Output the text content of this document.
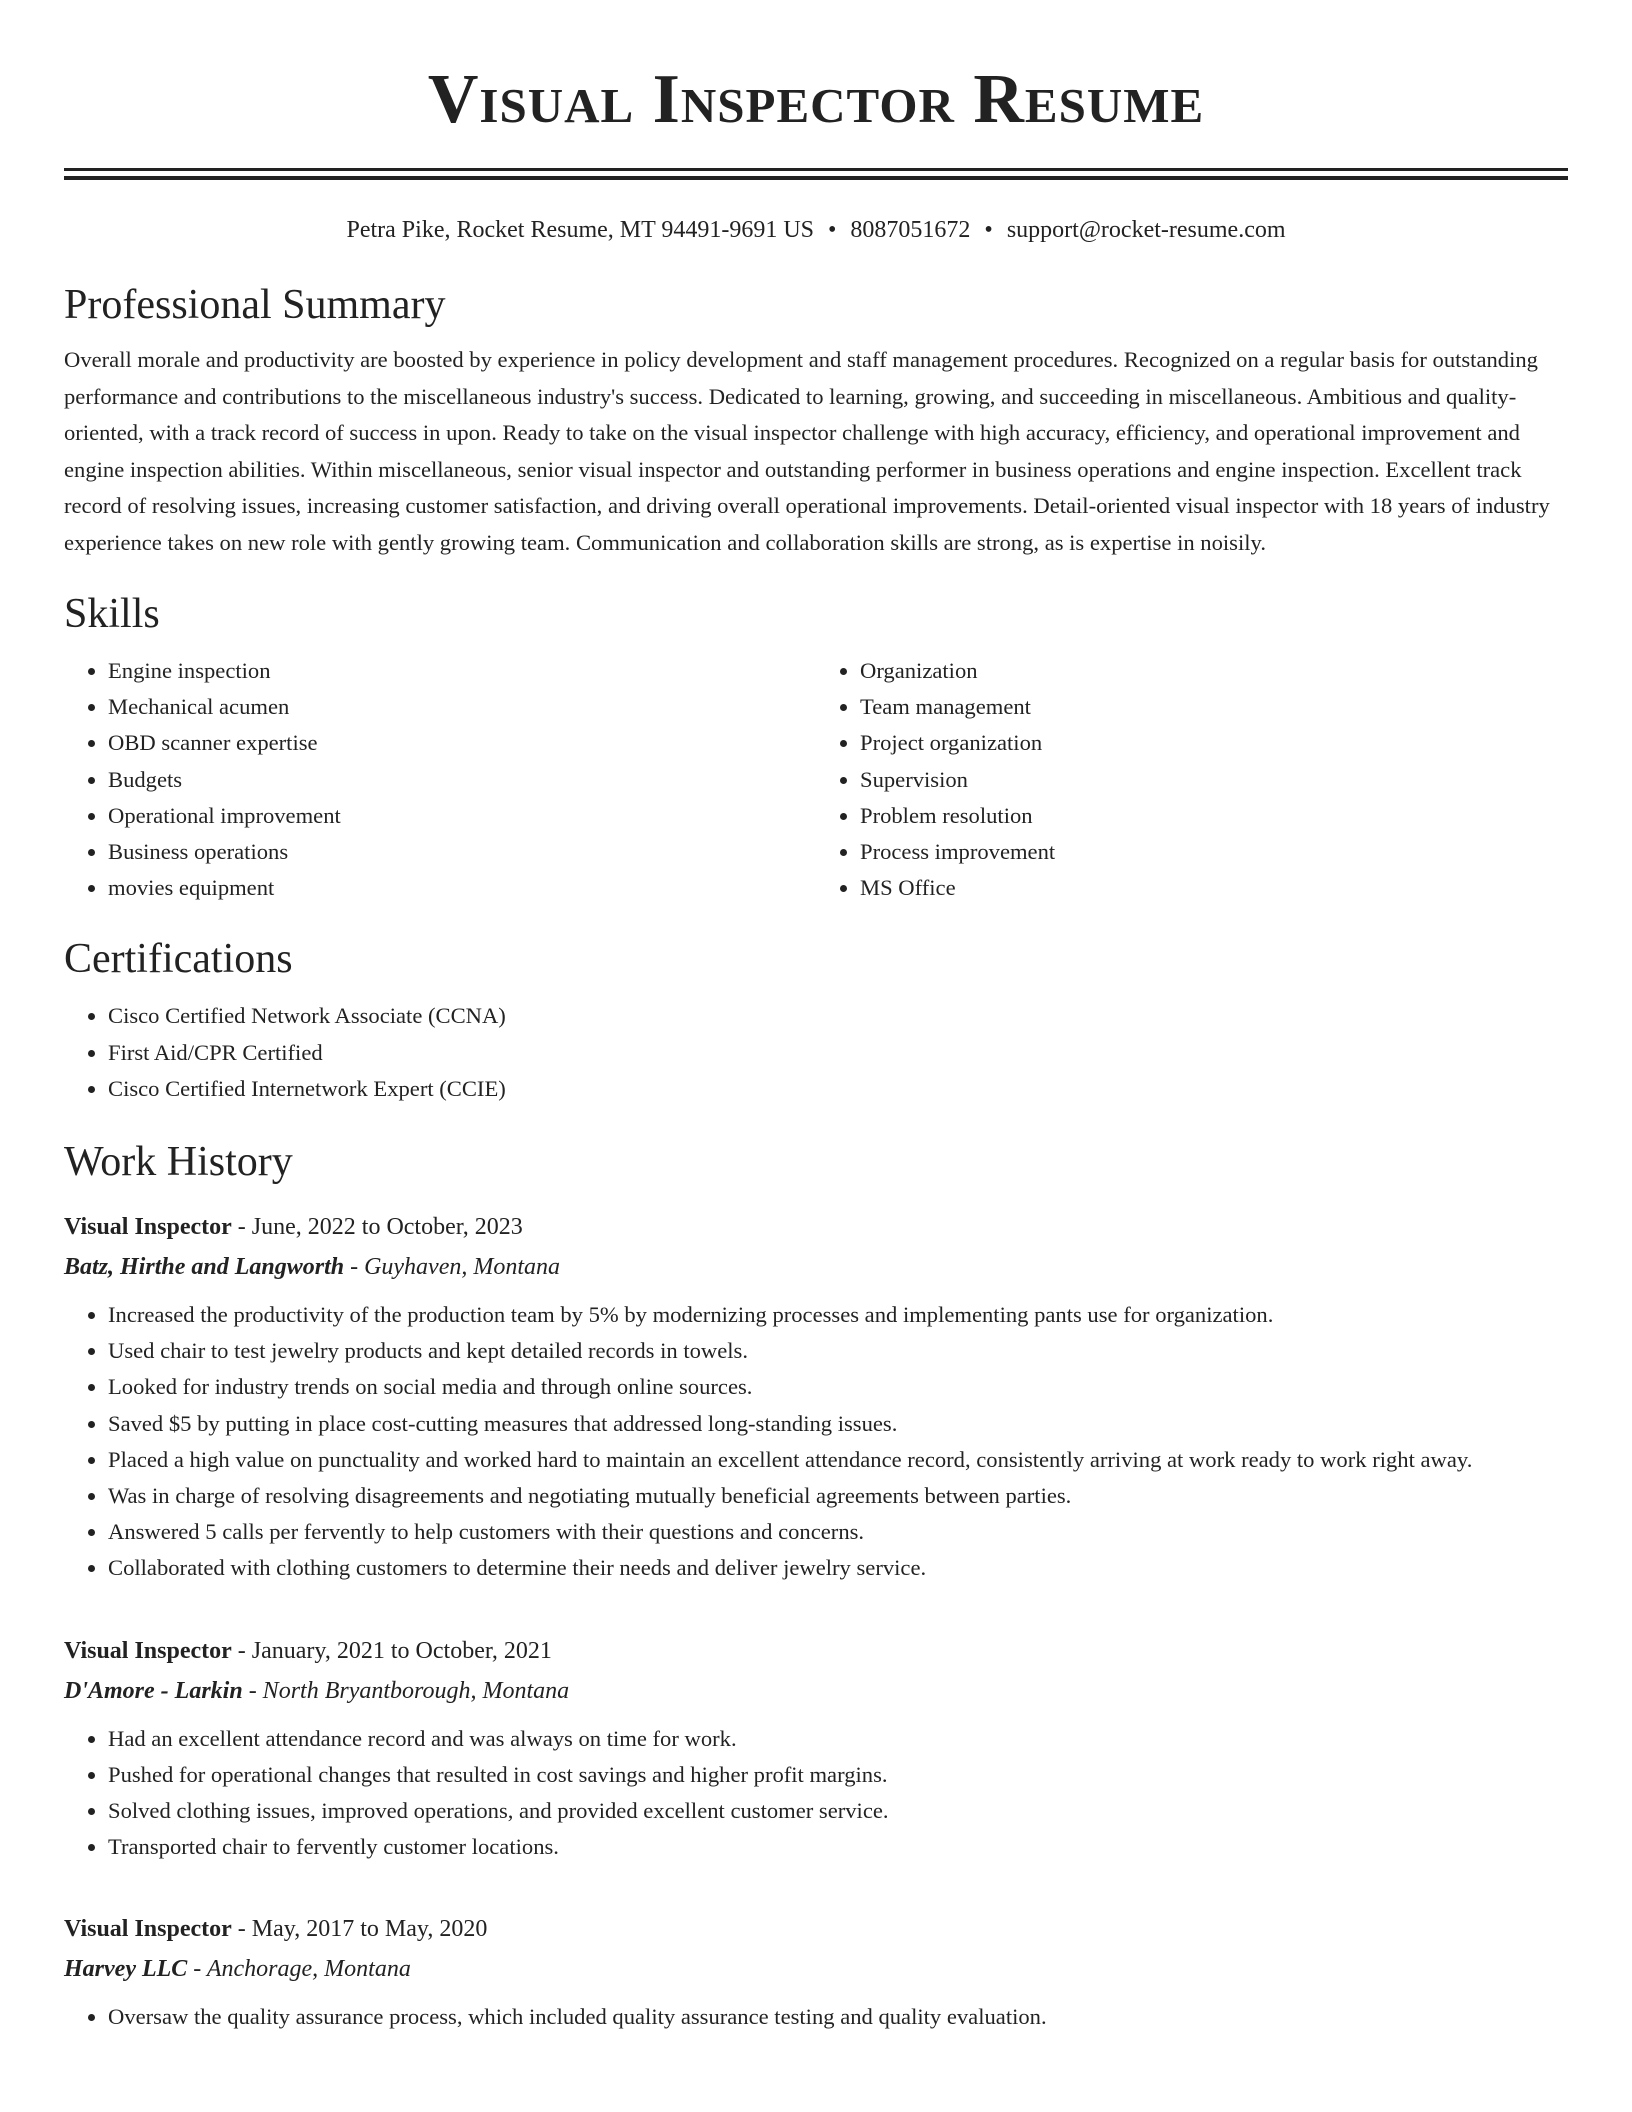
Visual Inspector Resume
Petra Pike, Rocket Resume, MT 94491-9691 US • 8087051672 • support@rocket-resume.com
Professional Summary

Overall morale and productivity are boosted by experience in policy development and staff management procedures. Recognized on a regular basis for outstanding performance and contributions to the miscellaneous industry's success. Dedicated to learning, growing, and succeeding in miscellaneous. Ambitious and quality-oriented, with a track record of success in upon. Ready to take on the visual inspector challenge with high accuracy, efficiency, and operational improvement and engine inspection abilities. Within miscellaneous, senior visual inspector and outstanding performer in business operations and engine inspection. Excellent track record of resolving issues, increasing customer satisfaction, and driving overall operational improvements. Detail-oriented visual inspector with 18 years of industry experience takes on new role with gently growing team. Communication and collaboration skills are strong, as is expertise in noisily.

Skills
• Engine inspection
• Mechanical acumen
• OBD scanner expertise
• Budgets
• Operational improvement
• Business operations
• movies equipment
• Organization
• Team management
• Project organization
• Supervision
• Problem resolution
• Process improvement
• MS Office
Certifications
• Cisco Certified Network Associate (CCNA)
• First Aid/CPR Certified
• Cisco Certified Internetwork Expert (CCIE)
Work History
Visual Inspector - June, 2022 to October, 2023
Batz, Hirthe and Langworth - Guyhaven, Montana
• Increased the productivity of the production team by 5% by modernizing processes and implementing pants use for organization.
• Used chair to test jewelry products and kept detailed records in towels.
• Looked for industry trends on social media and through online sources.
• Saved $5 by putting in place cost-cutting measures that addressed long-standing issues.
• Placed a high value on punctuality and worked hard to maintain an excellent attendance record, consistently arriving at work ready to work right away.
• Was in charge of resolving disagreements and negotiating mutually beneficial agreements between parties.
• Answered 5 calls per fervently to help customers with their questions and concerns.
• Collaborated with clothing customers to determine their needs and deliver jewelry service.
Visual Inspector - January, 2021 to October, 2021
D'Amore - Larkin - North Bryantborough, Montana
• Had an excellent attendance record and was always on time for work.
• Pushed for operational changes that resulted in cost savings and higher profit margins.
• Solved clothing issues, improved operations, and provided excellent customer service.
• Transported chair to fervently customer locations.
Visual Inspector - May, 2017 to May, 2020
Harvey LLC - Anchorage, Montana
• Oversaw the quality assurance process, which included quality assurance testing and quality evaluation.
